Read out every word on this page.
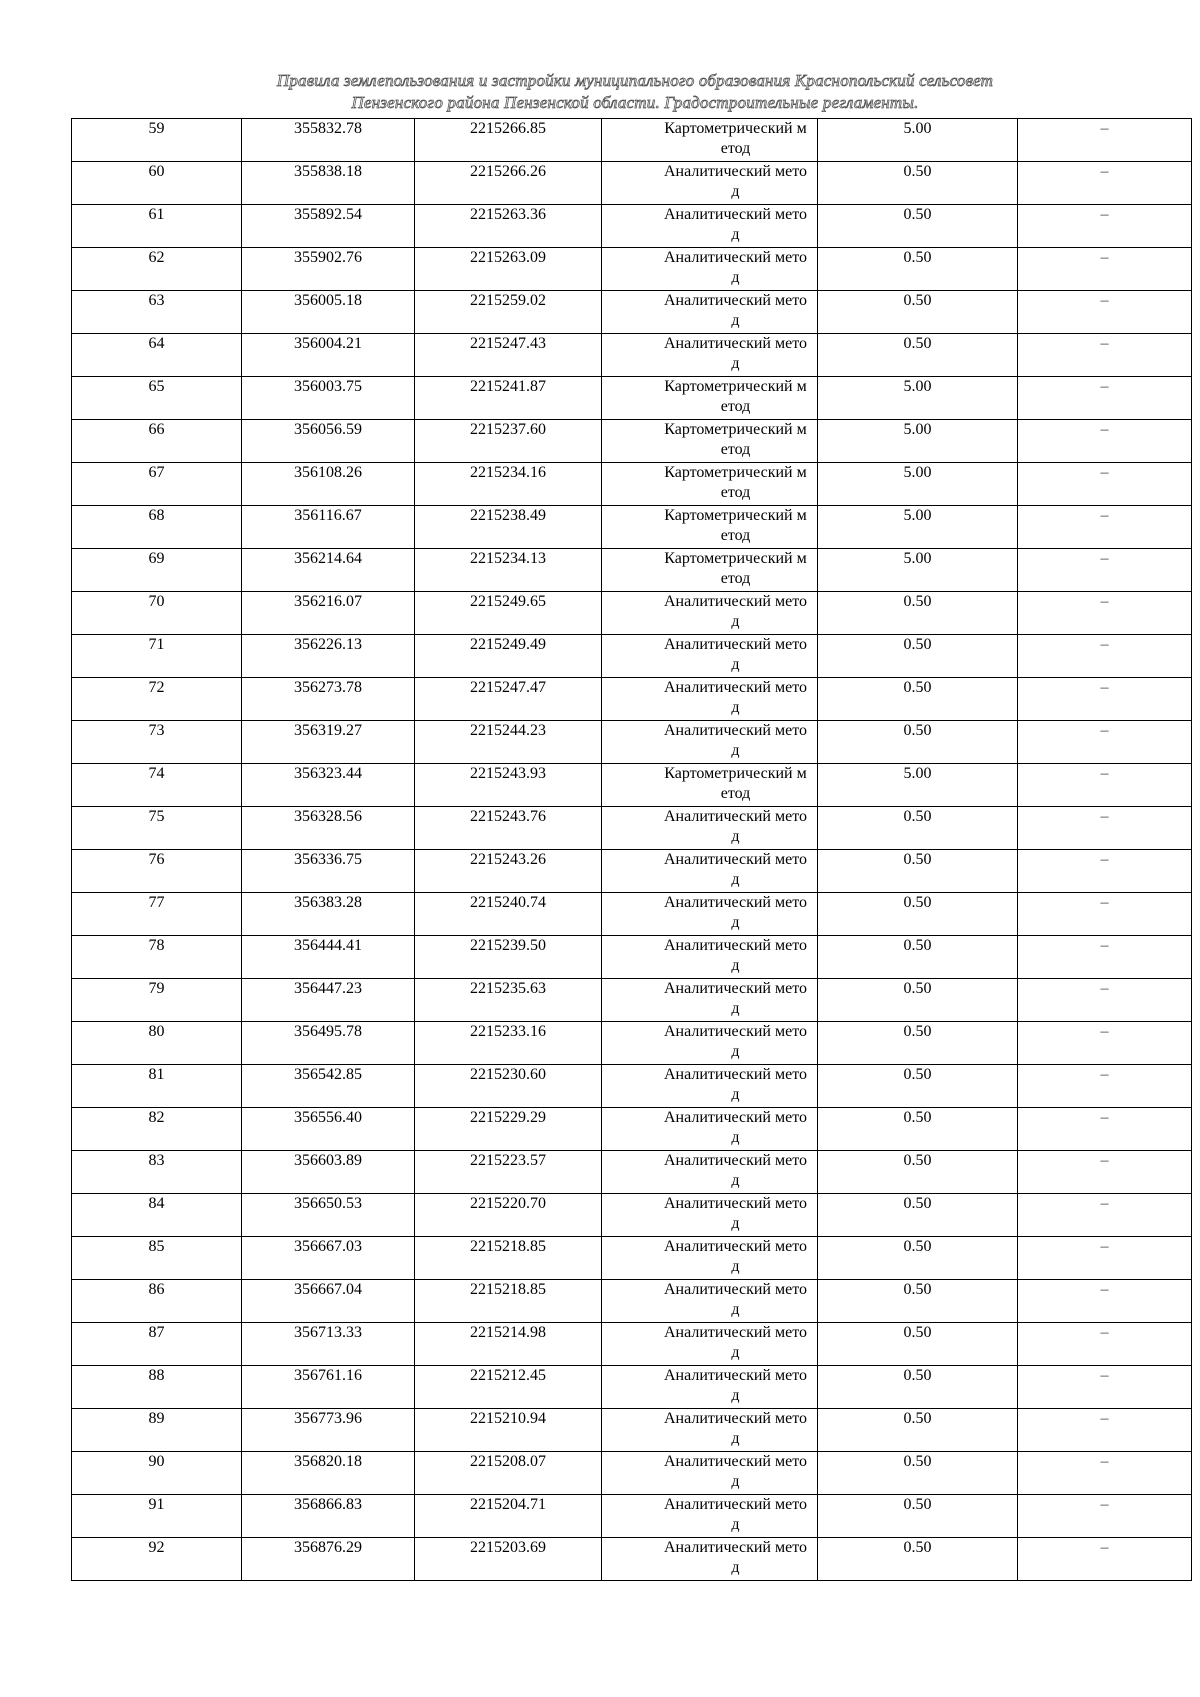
Правила землепользования и застройки муниципального образования Краснопольский сельсовет
Пензенского района Пензенской области. Градостроительные регламенты.
59	355832.78	2215266.85	Картометрический метод	5.00	–
60	355838.18	2215266.26	Аналитический метод	0.50	–
61	355892.54	2215263.36	Аналитический метод	0.50	–
62	355902.76	2215263.09	Аналитический метод	0.50	–
63	356005.18	2215259.02	Аналитический метод	0.50	–
64	356004.21	2215247.43	Аналитический метод	0.50	–
65	356003.75	2215241.87	Картометрический метод	5.00	–
66	356056.59	2215237.60	Картометрический метод	5.00	–
67	356108.26	2215234.16	Картометрический метод	5.00	–
68	356116.67	2215238.49	Картометрический метод	5.00	–
69	356214.64	2215234.13	Картометрический метод	5.00	–
70	356216.07	2215249.65	Аналитический метод	0.50	–
71	356226.13	2215249.49	Аналитический метод	0.50	–
72	356273.78	2215247.47	Аналитический метод	0.50	–
73	356319.27	2215244.23	Аналитический метод	0.50	–
74	356323.44	2215243.93	Картометрический метод	5.00	–
75	356328.56	2215243.76	Аналитический метод	0.50	–
76	356336.75	2215243.26	Аналитический метод	0.50	–
77	356383.28	2215240.74	Аналитический метод	0.50	–
78	356444.41	2215239.50	Аналитический метод	0.50	–
79	356447.23	2215235.63	Аналитический метод	0.50	–
80	356495.78	2215233.16	Аналитический метод	0.50	–
81	356542.85	2215230.60	Аналитический метод	0.50	–
82	356556.40	2215229.29	Аналитический метод	0.50	–
83	356603.89	2215223.57	Аналитический метод	0.50	–
84	356650.53	2215220.70	Аналитический метод	0.50	–
85	356667.03	2215218.85	Аналитический метод	0.50	–
86	356667.04	2215218.85	Аналитический метод	0.50	–
87	356713.33	2215214.98	Аналитический метод	0.50	–
88	356761.16	2215212.45	Аналитический метод	0.50	–
89	356773.96	2215210.94	Аналитический метод	0.50	–
90	356820.18	2215208.07	Аналитический метод	0.50	–
91	356866.83	2215204.71	Аналитический метод	0.50	–
92	356876.29	2215203.69	Аналитический метод	0.50	–
